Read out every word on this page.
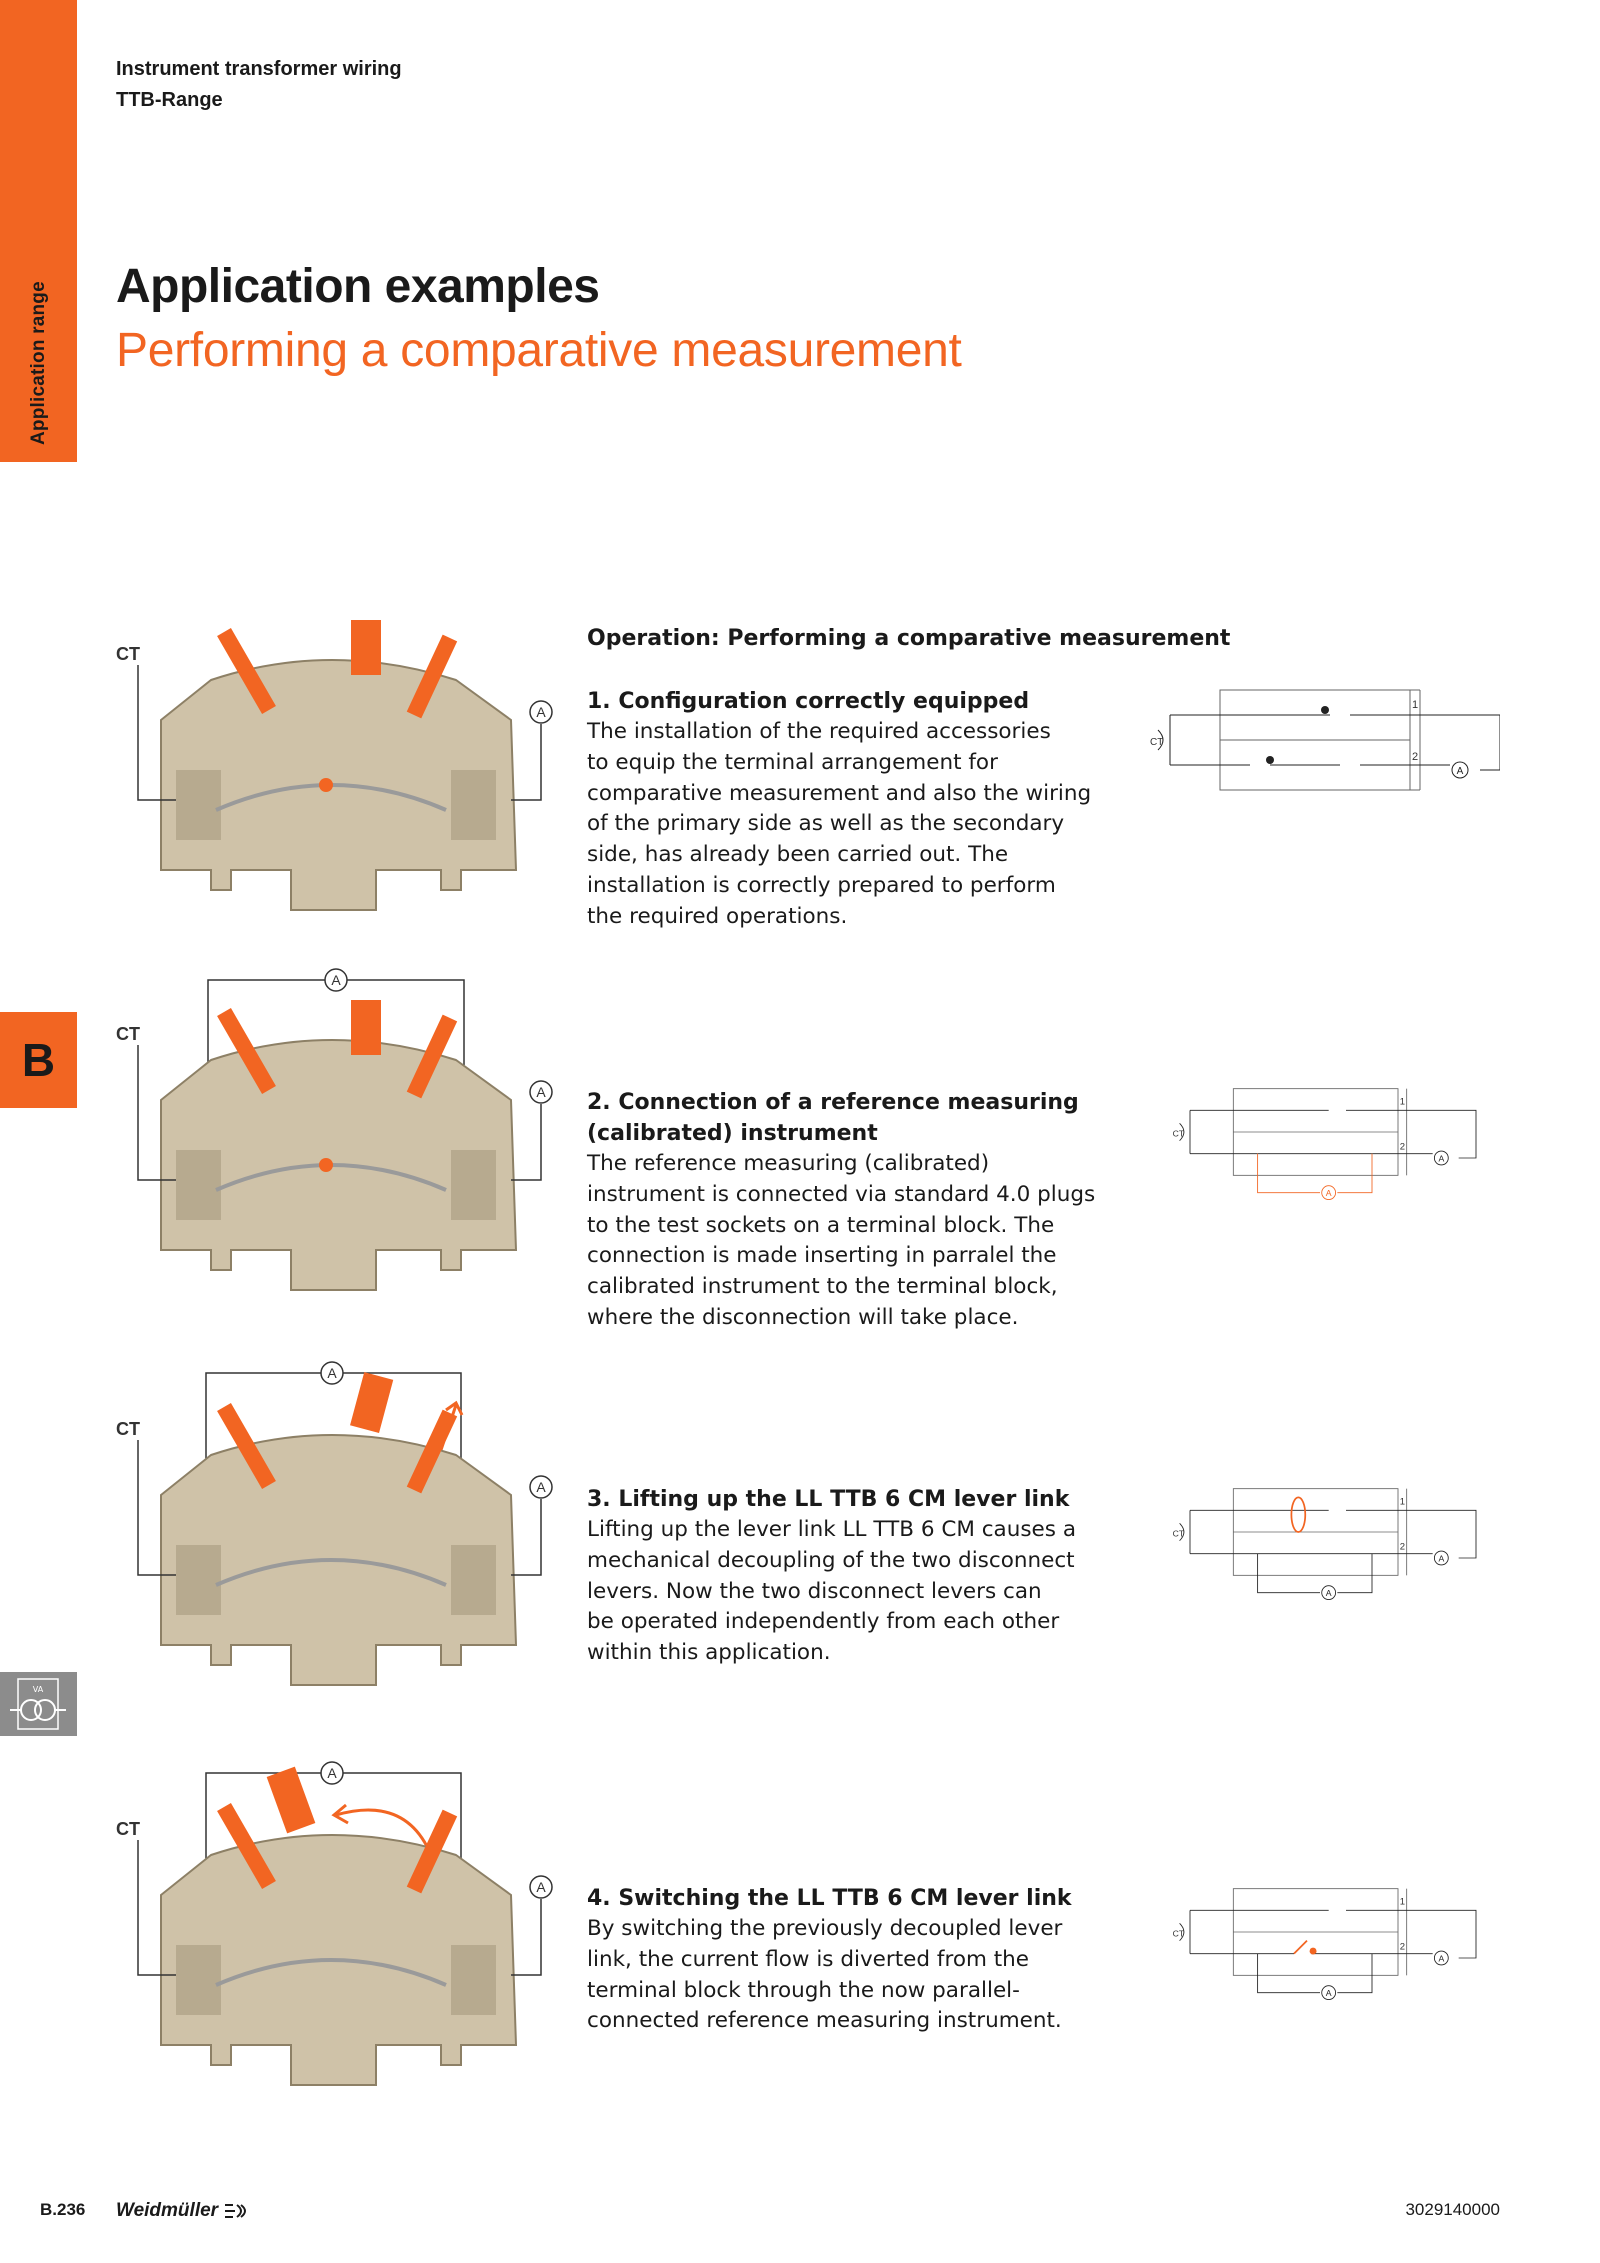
Application range
B
VA
Instrument transformer wiring
TTB-Range
Application examples
Performing a comparative measurement
Operation: Performing a comparative measurement
1. Configuration correctly equipped
The installation of the required accessories
to equip the terminal arrangement for
comparative measurement and also the wiring
of the primary side as well as the secondary
side, has already been carried out. The
installation is correctly prepared to perform
the required operations.
2. Connection of a reference measuring
(calibrated) instrument
The reference measuring (calibrated)
instrument is connected via standard 4.0 plugs
to the test sockets on a terminal block. The
connection is made inserting in parralel the
calibrated instrument to the terminal block,
where the disconnection will take place.
3. Lifting up the LL TTB 6 CM lever link
Lifting up the lever link LL TTB 6 CM causes a
mechanical decoupling of the two disconnect
levers. Now the two disconnect levers can
be operated independently from each other
within this application.
4. Switching the LL TTB 6 CM lever link
By switching the previously decoupled lever
link, the current flow is diverted from the
terminal block through the now parallel-
connected reference measuring instrument.
CT
A
A
CT
A
A
CT
A
A
CT
A
1
2
A
CT
1
2
A
A
CT
1
2
A
A
CT
1
2
A
A
CT
B.236 Weidmüller	3029140000
